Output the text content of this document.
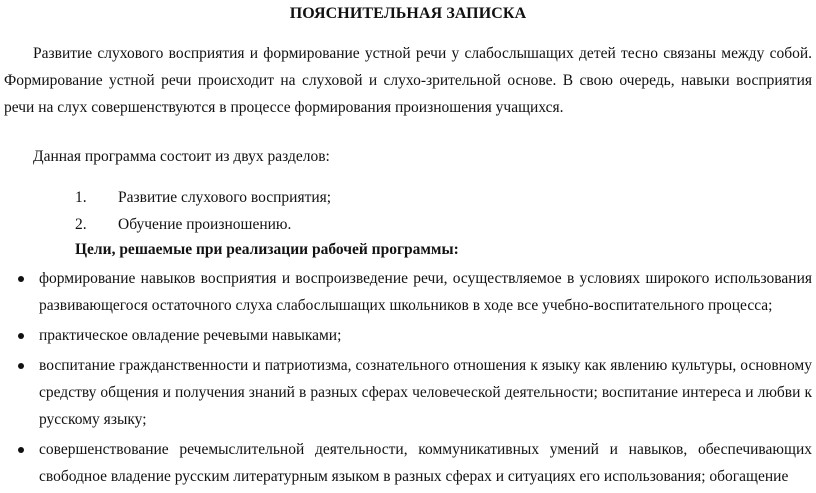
ПОЯСНИТЕЛЬНАЯ ЗАПИСКА

Развитие слухового восприятия и формирование устной речи у слабослышащих детей тесно связаны между собой. Формирование устной речи происходит на слуховой и слухо-зрительной основе. В свою очередь, навыки восприятия речи на слух совершенствуются в процессе формирования произношения учащихся.

Данная программа состоит из двух разделов:

1. Развитие слухового восприятия;
2. Обучение произношению.
Цели, решаемые при реализации рабочей программы:
формирование навыков восприятия и воспроизведение речи, осуществляемое в условиях широкого использования развивающегося остаточного слуха слабослышащих школьников в ходе все учебно-воспитательного процесса;
практическое овладение речевыми навыками;
воспитание гражданственности и патриотизма, сознательного отношения к языку как явлению культуры, основному средству общения и получения знаний в разных сферах человеческой деятельности; воспитание интереса и любви к русскому языку;
совершенствование речемыслительной деятельности, коммуникативных умений и навыков, обеспечивающих свободное владение русским литературным языком в разных сферах и ситуациях его использования; обогащение
